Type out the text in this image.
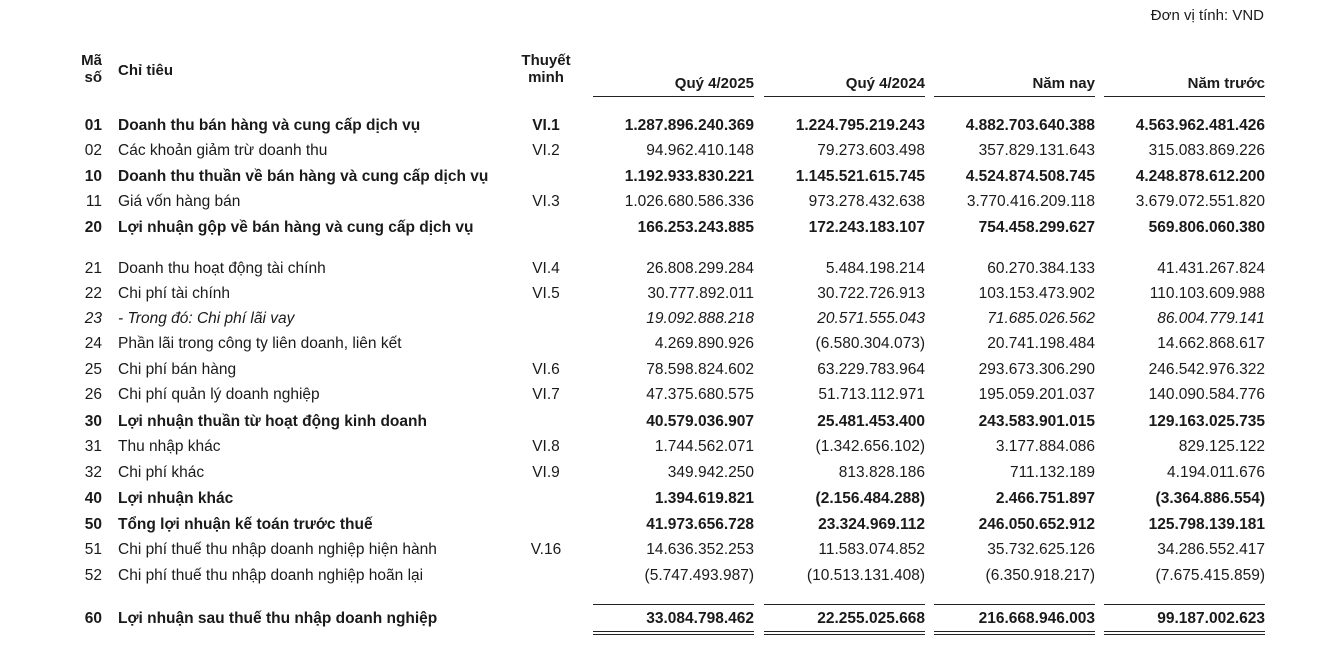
Đơn vị tính: VND
Mã
số Chỉ tiêu
Thuyết
minh	Quý 4/2025	Quý 4/2024	Năm nay	Năm trước
01 Doanh thu bán hàng và cung cấp dịch vụ	VI.1	1.287.896.240.369	1.224.795.219.243	4.882.703.640.388	4.563.962.481.426
02 Các khoản giảm trừ doanh thu	VI.2	94.962.410.148	79.273.603.498	357.829.131.643	315.083.869.226
10 Doanh thu thuần về bán hàng và cung cấp dịch vụ	1.192.933.830.221	1.145.521.615.745	4.524.874.508.745	4.248.878.612.200
11 Giá vốn hàng bán	VI.3	1.026.680.586.336	973.278.432.638	3.770.416.209.118	3.679.072.551.820
20 Lợi nhuận gộp về bán hàng và cung cấp dịch vụ	166.253.243.885	172.243.183.107	754.458.299.627	569.806.060.380
21 Doanh thu hoạt động tài chính	VI.4	26.808.299.284	5.484.198.214	60.270.384.133	41.431.267.824
22 Chi phí tài chính	VI.5	30.777.892.011	30.722.726.913	103.153.473.902	110.103.609.988
23 - Trong đó: Chi phí lãi vay	19.092.888.218	20.571.555.043	71.685.026.562	86.004.779.141
24 Phần lãi trong công ty liên doanh, liên kết	4.269.890.926	(6.580.304.073)	20.741.198.484	14.662.868.617
25 Chi phí bán hàng	VI.6	78.598.824.602	63.229.783.964	293.673.306.290	246.542.976.322
26 Chi phí quản lý doanh nghiệp	VI.7	47.375.680.575	51.713.112.971	195.059.201.037	140.090.584.776
30 Lợi nhuận thuần từ hoạt động kinh doanh	40.579.036.907	25.481.453.400	243.583.901.015	129.163.025.735
31 Thu nhập khác	VI.8	1.744.562.071	(1.342.656.102)	3.177.884.086	829.125.122
32 Chi phí khác	VI.9	349.942.250	813.828.186	711.132.189	4.194.011.676
40 Lợi nhuận khác	1.394.619.821	(2.156.484.288)	2.466.751.897	(3.364.886.554)
50 Tổng lợi nhuận kế toán trước thuế	41.973.656.728	23.324.969.112	246.050.652.912	125.798.139.181
51 Chi phí thuế thu nhập doanh nghiệp hiện hành	V.16	14.636.352.253	11.583.074.852	35.732.625.126	34.286.552.417
52 Chi phí thuế thu nhập doanh nghiệp hoãn lại	(5.747.493.987)	(10.513.131.408)	(6.350.918.217)	(7.675.415.859)
60 Lợi nhuận sau thuế thu nhập doanh nghiệp	33.084.798.462	22.255.025.668	216.668.946.003	99.187.002.623
